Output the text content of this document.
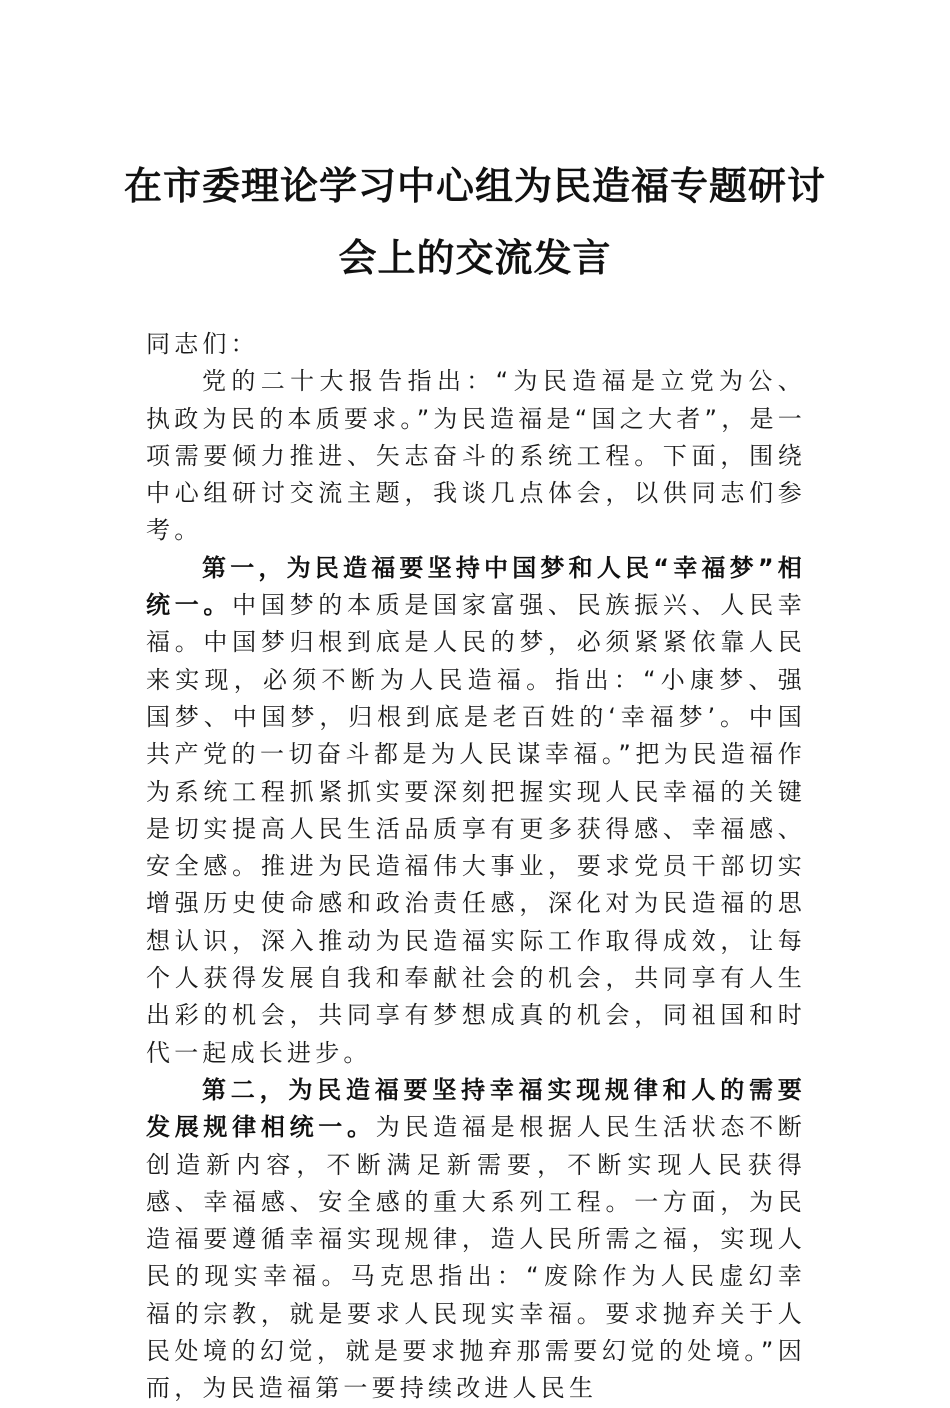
在市委理论学习中心组为民造福专题研讨
会上的交流发言

同志们：

党的二十大报告指出：“为民造福是立党为公、执政为民的本质要求。”为民造福是“国之大者”，是一项需要倾力推进、矢志奋斗的系统工程。下面，围绕中心组研讨交流主题，我谈几点体会，以供同志们参考。

第一，为民造福要坚持中国梦和人民“幸福梦”相统一。中国梦的本质是国家富强、民族振兴、人民幸福。中国梦归根到底是人民的梦，必须紧紧依靠人民来实现，必须不断为人民造福。指出：“小康梦、强国梦、中国梦，归根到底是老百姓的‘幸福梦’。中国共产党的一切奋斗都是为人民谋幸福。”把为民造福作为系统工程抓紧抓实要深刻把握实现人民幸福的关键是切实提高人民生活品质享有更多获得感、幸福感、安全感。推进为民造福伟大事业，要求党员干部切实增强历史使命感和政治责任感，深化对为民造福的思想认识，深入推动为民造福实际工作取得成效，让每个人获得发展自我和奉献社会的机会，共同享有人生出彩的机会，共同享有梦想成真的机会，同祖国和时代一起成长进步。

第二，为民造福要坚持幸福实现规律和人的需要发展规律相统一。为民造福是根据人民生活状态不断创造新内容，不断满足新需要，不断实现人民获得感、幸福感、安全感的重大系列工程。一方面，为民造福要遵循幸福实现规律，造人民所需之福，实现人民的现实幸福。马克思指出：“废除作为人民虚幻幸福的宗教，就是要求人民现实幸福。要求抛弃关于人民处境的幻觉，就是要求抛弃那需要幻觉的处境。”因而，为民造福第一要持续改进人民生
